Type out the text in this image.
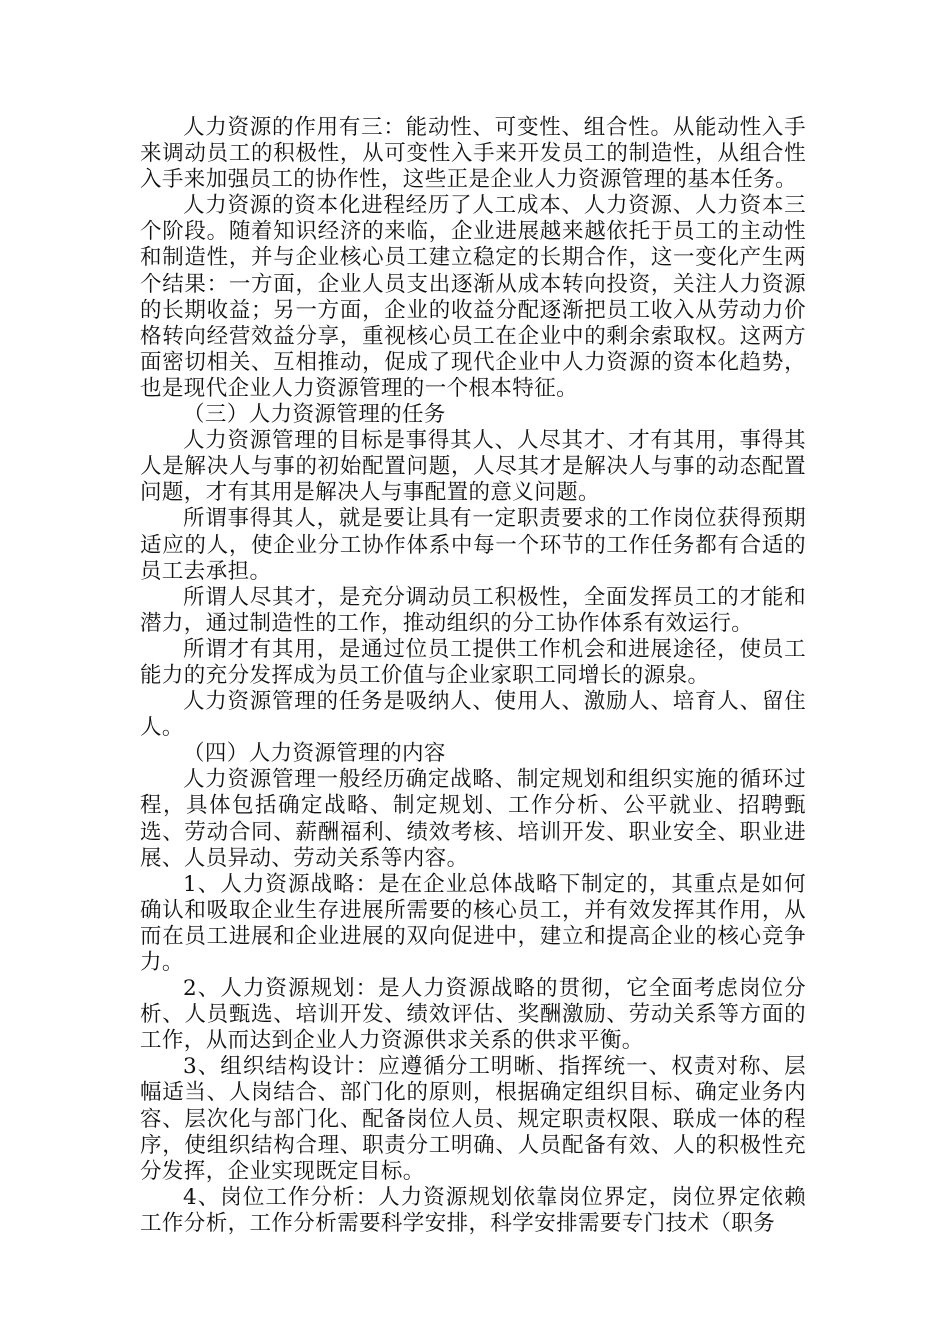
人力资源的作用有三：能动性、可变性、组合性。从能动性入手来调动员工的积极性，从可变性入手来开发员工的制造性，从组合性入手来加强员工的协作性，这些正是企业人力资源管理的基本任务。

人力资源的资本化进程经历了人工成本、人力资源、人力资本三个阶段。随着知识经济的来临，企业进展越来越依托于员工的主动性和制造性，并与企业核心员工建立稳定的长期合作，这一变化产生两个结果：一方面，企业人员支出逐渐从成本转向投资，关注人力资源的长期收益；另一方面，企业的收益分配逐渐把员工收入从劳动力价格转向经营效益分享，重视核心员工在企业中的剩余索取权。这两方面密切相关、互相推动，促成了现代企业中人力资源的资本化趋势，也是现代企业人力资源管理的一个根本特征。

（三）人力资源管理的任务

人力资源管理的目标是事得其人、人尽其才、才有其用，事得其人是解决人与事的初始配置问题，人尽其才是解决人与事的动态配置问题，才有其用是解决人与事配置的意义问题。

所谓事得其人，就是要让具有一定职责要求的工作岗位获得预期适应的人，使企业分工协作体系中每一个环节的工作任务都有合适的员工去承担。

所谓人尽其才，是充分调动员工积极性，全面发挥员工的才能和潜力，通过制造性的工作，推动组织的分工协作体系有效运行。

所谓才有其用，是通过位员工提供工作机会和进展途径，使员工能力的充分发挥成为员工价值与企业家职工同增长的源泉。

人力资源管理的任务是吸纳人、使用人、激励人、培育人、留住人。

（四）人力资源管理的内容

人力资源管理一般经历确定战略、制定规划和组织实施的循环过程，具体包括确定战略、制定规划、工作分析、公平就业、招聘甄选、劳动合同、薪酬福利、绩效考核、培训开发、职业安全、职业进展、人员异动、劳动关系等内容。

1、人力资源战略：是在企业总体战略下制定的，其重点是如何确认和吸取企业生存进展所需要的核心员工，并有效发挥其作用，从而在员工进展和企业进展的双向促进中，建立和提高企业的核心竞争力。

2、人力资源规划：是人力资源战略的贯彻，它全面考虑岗位分析、人员甄选、培训开发、绩效评估、奖酬激励、劳动关系等方面的工作，从而达到企业人力资源供求关系的供求平衡。

3、组织结构设计：应遵循分工明晰、指挥统一、权责对称、层幅适当、人岗结合、部门化的原则，根据确定组织目标、确定业务内容、层次化与部门化、配备岗位人员、规定职责权限、联成一体的程序，使组织结构合理、职责分工明确、人员配备有效、人的积极性充分发挥，企业实现既定目标。

4、岗位工作分析：人力资源规划依靠岗位界定，岗位界定依赖工作分析，工作分析需要科学安排，科学安排需要专门技术（职务
